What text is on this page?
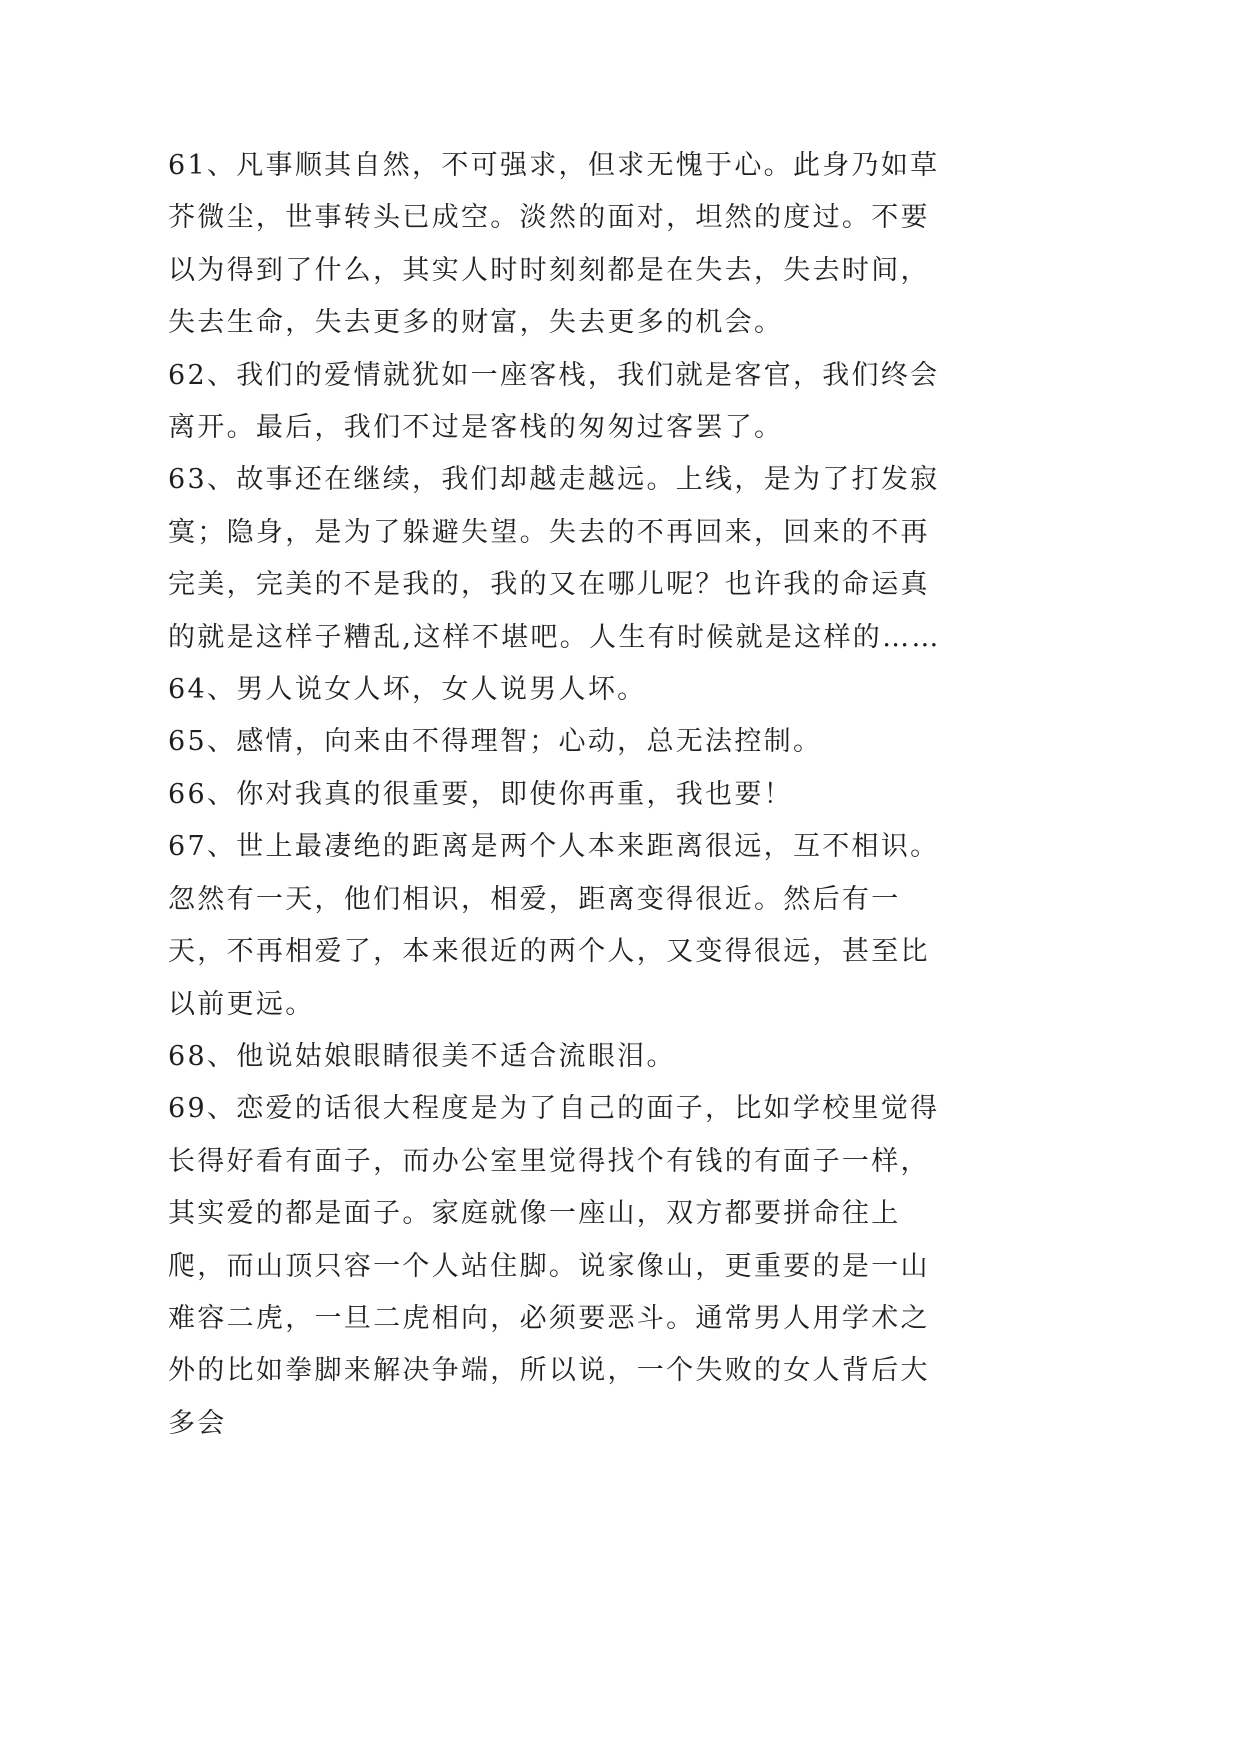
61、凡事顺其自然，不可强求，但求无愧于心。此身乃如草芥微尘，世事转头已成空。淡然的面对，坦然的度过。不要以为得到了什么，其实人时时刻刻都是在失去，失去时间，失去生命，失去更多的财富，失去更多的机会。

62、我们的爱情就犹如一座客栈，我们就是客官，我们终会离开。最后，我们不过是客栈的匆匆过客罢了。

63、故事还在继续，我们却越走越远。上线，是为了打发寂寞；隐身，是为了躲避失望。失去的不再回来，回来的不再完美，完美的不是我的，我的又在哪儿呢？也许我的命运真的就是这样子糟乱,这样不堪吧。人生有时候就是这样的……

64、男人说女人坏，女人说男人坏。

65、感情，向来由不得理智；心动，总无法控制。

66、你对我真的很重要，即使你再重，我也要！

67、世上最凄绝的距离是两个人本来距离很远，互不相识。忽然有一天，他们相识，相爱，距离变得很近。然后有一天，不再相爱了，本来很近的两个人，又变得很远，甚至比以前更远。

68、他说姑娘眼睛很美不适合流眼泪。

69、恋爱的话很大程度是为了自己的面子，比如学校里觉得长得好看有面子，而办公室里觉得找个有钱的有面子一样，其实爱的都是面子。家庭就像一座山，双方都要拼命往上爬，而山顶只容一个人站住脚。说家像山，更重要的是一山难容二虎，一旦二虎相向，必须要恶斗。通常男人用学术之外的比如拳脚来解决争端，所以说，一个失败的女人背后大多会
